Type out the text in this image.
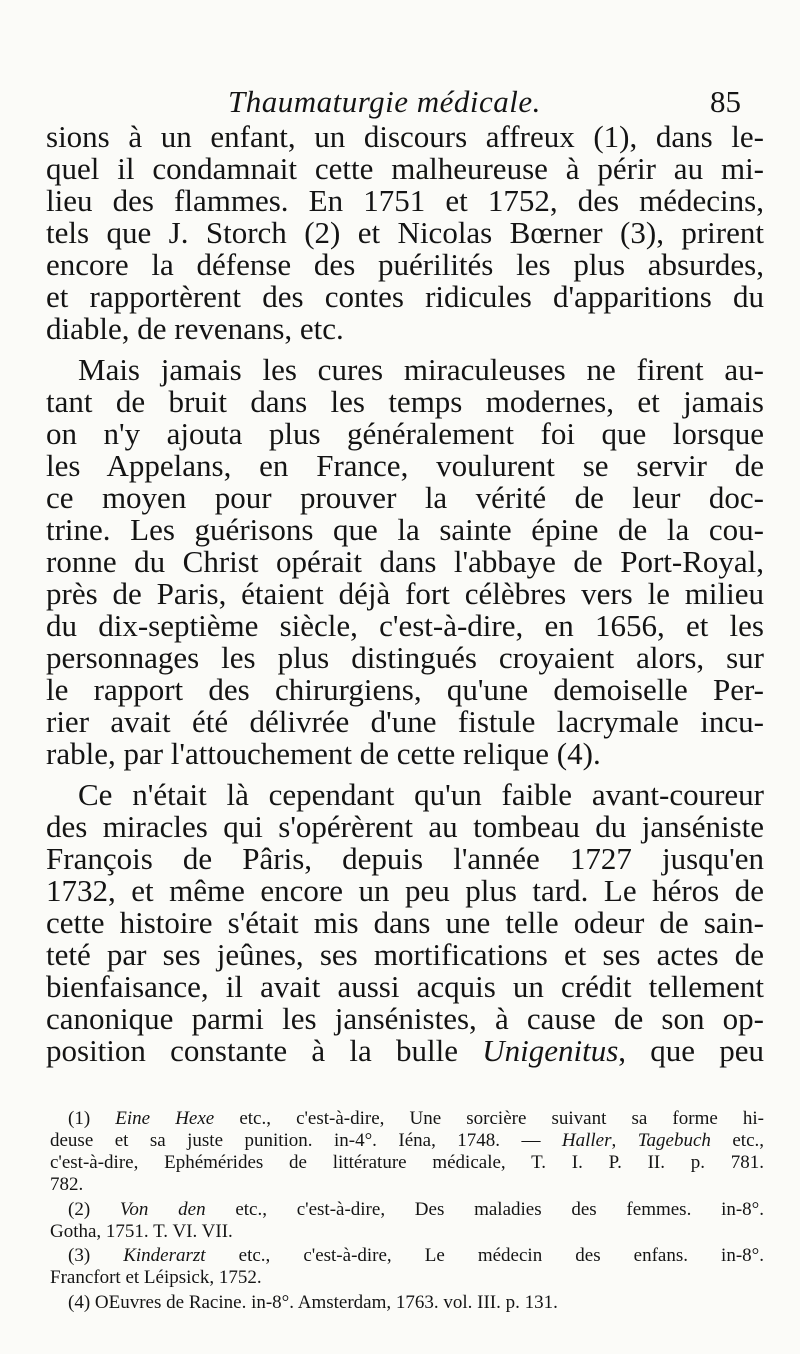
Thaumaturgie médicale.	85
sions à un enfant, un discours affreux (1), dans le-
quel il condamnait cette malheureuse à périr au mi-
lieu des flammes. En 1751 et 1752, des médecins,
tels que J. Storch (2) et Nicolas Bœrner (3), prirent
encore la défense des puérilités les plus absurdes,
et rapportèrent des contes ridicules d'apparitions du
diable, de revenans, etc.
Mais jamais les cures miraculeuses ne firent au-
tant de bruit dans les temps modernes, et jamais
on n'y ajouta plus généralement foi que lorsque
les Appelans, en France, voulurent se servir de
ce moyen pour prouver la vérité de leur doc-
trine. Les guérisons que la sainte épine de la cou-
ronne du Christ opérait dans l'abbaye de Port-Royal,
près de Paris, étaient déjà fort célèbres vers le milieu
du dix-septième siècle, c'est-à-dire, en 1656, et les
personnages les plus distingués croyaient alors, sur
le rapport des chirurgiens, qu'une demoiselle Per-
rier avait été délivrée d'une fistule lacrymale incu-
rable, par l'attouchement de cette relique (4).
Ce n'était là cependant qu'un faible avant-coureur
des miracles qui s'opérèrent au tombeau du janséniste
François de Pâris, depuis l'année 1727 jusqu'en
1732, et même encore un peu plus tard. Le héros de
cette histoire s'était mis dans une telle odeur de sain-
teté par ses jeûnes, ses mortifications et ses actes de
bienfaisance, il avait aussi acquis un crédit tellement
canonique parmi les jansénistes, à cause de son op-
position constante à la bulle Unigenitus, que peu
(1) Eine Hexe etc., c'est-à-dire, Une sorcière suivant sa forme hi-
deuse et sa juste punition. in-4°. Iéna, 1748. — Haller, Tagebuch etc.,
c'est-à-dire, Ephémérides de littérature médicale, T. I. P. II. p. 781.
782.
(2) Von den etc., c'est-à-dire, Des maladies des femmes. in-8°.
Gotha, 1751. T. VI. VII.
(3) Kinderarzt etc., c'est-à-dire, Le médecin des enfans. in-8°.
Francfort et Léipsick, 1752.
(4) OEuvres de Racine. in-8°. Amsterdam, 1763. vol. III. p. 131.
